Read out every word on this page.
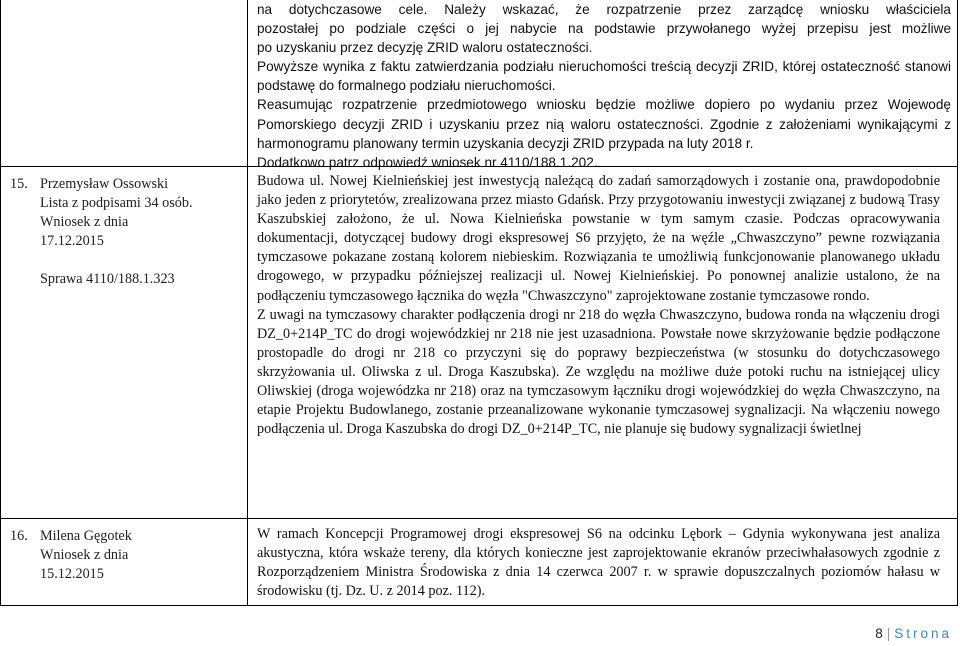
na dotychczasowe cele. Należy wskazać, że rozpatrzenie przez zarządcę wniosku właściciela

pozostałej po podziale części o jej nabycie na podstawie przywołanego wyżej przepisu jest możliwe

po uzyskaniu przez decyzję ZRID waloru ostateczności.

Powyższe wynika z faktu zatwierdzania podziału nieruchomości treścią decyzji ZRID, której ostateczność stanowi podstawę do formalnego podziału nieruchomości.

Reasumując rozpatrzenie przedmiotowego wniosku będzie możliwe dopiero po wydaniu przez Wojewodę Pomorskiego decyzji ZRID i uzyskaniu przez nią waloru ostateczności. Zgodnie z założeniami wynikającymi z harmonogramu planowany termin uzyskania decyzji ZRID przypada na luty 2018 r.

Dodatkowo patrz odpowiedź wniosek nr 4110/188.1.202.

15. Przemysław Ossowski
Lista z podpisami 34 osób.
Wniosek z dnia
17.12.2015
Sprawa 4110/188.1.323

Budowa ul. Nowej Kielnieńskiej jest inwestycją należącą do zadań samorządowych i zostanie ona, prawdopodobnie jako jeden z priorytetów, zrealizowana przez miasto Gdańsk. Przy przygotowaniu inwestycji związanej z budową Trasy Kaszubskiej założono, że ul. Nowa Kielnieńska powstanie w tym samym czasie. Podczas opracowywania dokumentacji, dotyczącej budowy drogi ekspresowej S6 przyjęto, że na węźle „Chwaszczyno” pewne rozwiązania tymczasowe pokazane zostaną kolorem niebieskim. Rozwiązania te umożliwią funkcjonowanie planowanego układu drogowego, w przypadku późniejszej realizacji ul. Nowej Kielnieńskiej. Po ponownej analizie ustalono, że na podłączeniu tymczasowego łącznika do węzła "Chwaszczyno" zaprojektowane zostanie tymczasowe rondo.

Z uwagi na tymczasowy charakter podłączenia drogi nr 218 do węzła Chwaszczyno, budowa ronda na włączeniu drogi DZ_0+214P_TC do drogi wojewódzkiej nr 218 nie jest uzasadniona. Powstałe nowe skrzyżowanie będzie podłączone prostopadle do drogi nr 218 co przyczyni się do poprawy bezpieczeństwa (w stosunku do dotychczasowego skrzyżowania ul. Oliwska z ul. Droga Kaszubska). Ze względu na możliwe duże potoki ruchu na istniejącej ulicy Oliwskiej (droga wojewódzka nr 218) oraz na tymczasowym łączniku drogi wojewódzkiej do węzła Chwaszczyno, na etapie Projektu Budowlanego, zostanie przeanalizowane wykonanie tymczasowej sygnalizacji. Na włączeniu nowego podłączenia ul. Droga Kaszubska do drogi DZ_0+214P_TC, nie planuje się budowy sygnalizacji świetlnej

16. Milena Gęgotek
Wniosek z dnia
15.12.2015

W ramach Koncepcji Programowej drogi ekspresowej S6 na odcinku Lębork – Gdynia wykonywana jest analiza akustyczna, która wskaże tereny, dla których konieczne jest zaprojektowanie ekranów przeciwhałasowych zgodnie z Rozporządzeniem Ministra Środowiska z dnia 14 czerwca 2007 r. w sprawie dopuszczalnych poziomów hałasu w środowisku (tj. Dz. U. z 2014 poz. 112).

8 | Strona
